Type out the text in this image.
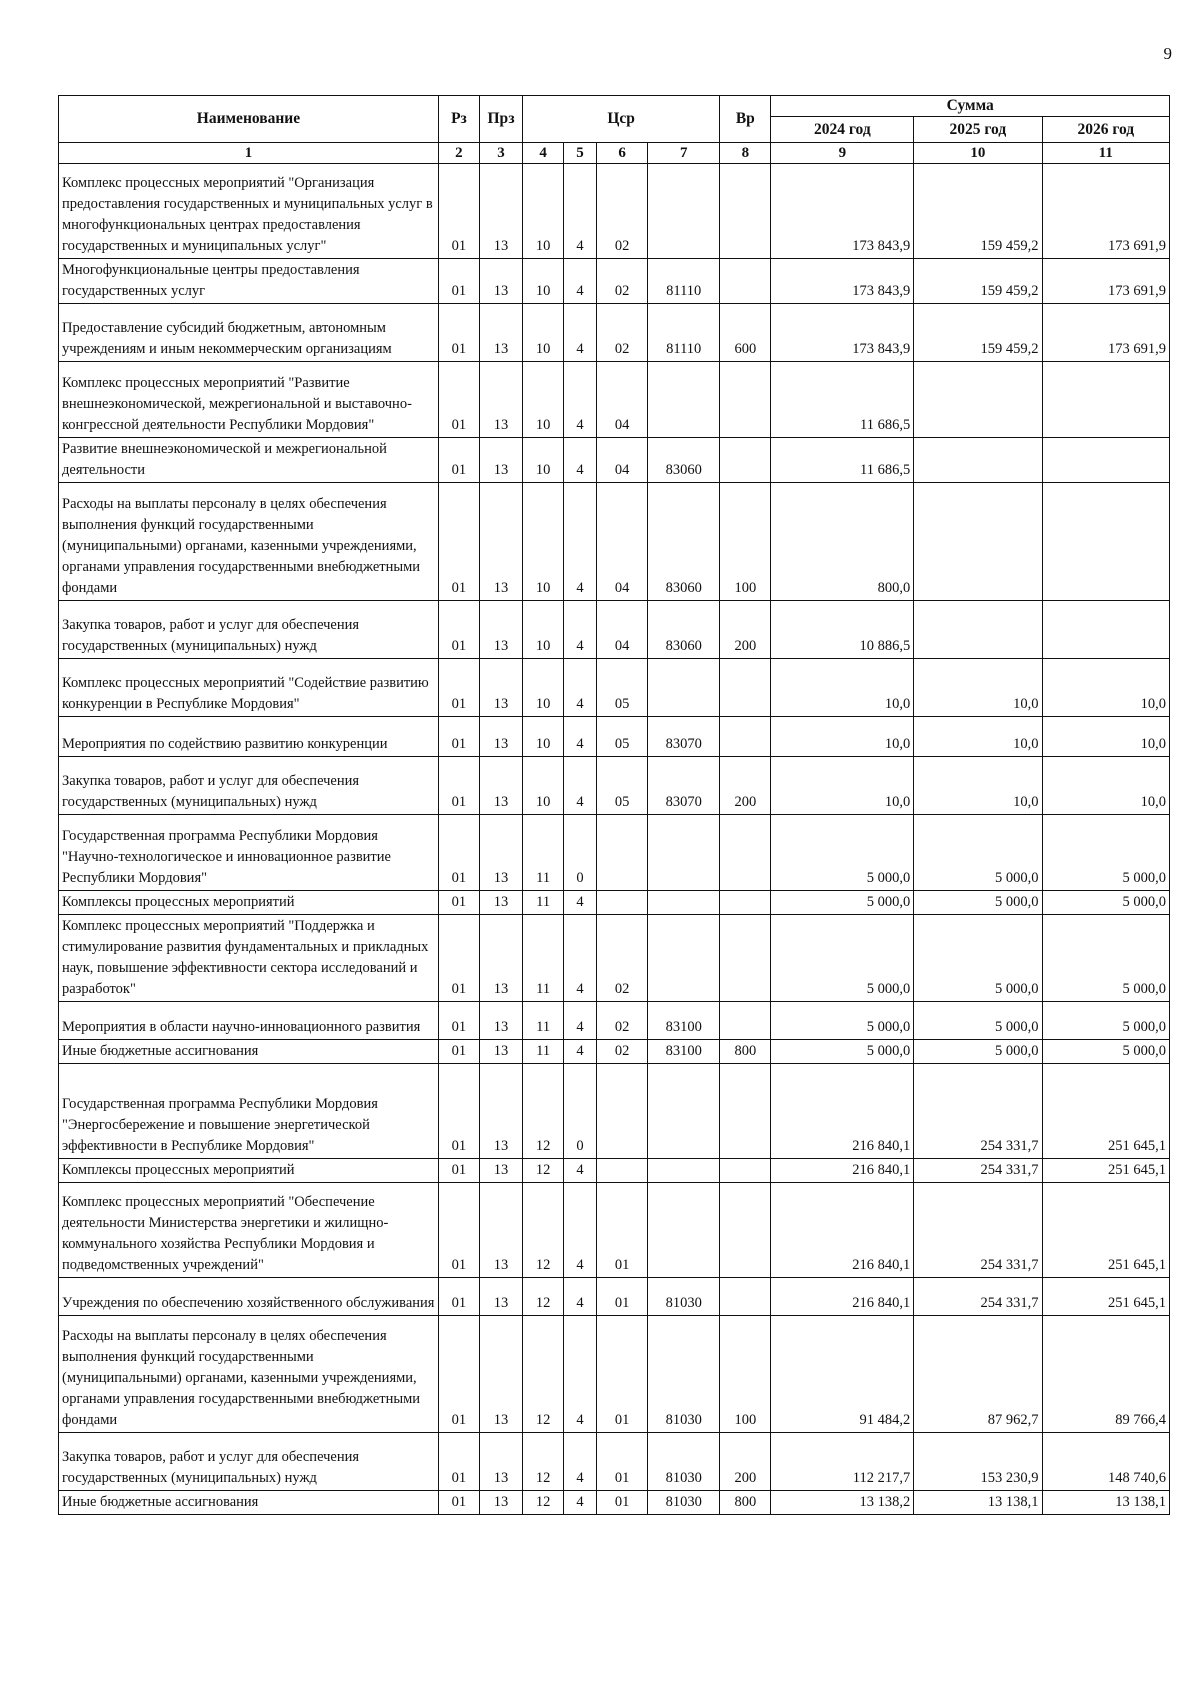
9
Наименование	Рз	Прз	Цср				Вр	Сумма		
								2024 год	2025 год	2026 год
1	2	3	4	5	6	7	8	9	10	11
Комплекс процессных мероприятий "Организация предоставления государственных и муниципальных услуг в многофункциональных центрах предоставления государственных и муниципальных услуг"	01	13	10	4	02			173 843,9	159 459,2	173 691,9
Многофункциональные центры предоставления государственных услуг	01	13	10	4	02	81110		173 843,9	159 459,2	173 691,9
Предоставление субсидий бюджетным, автономным учреждениям и иным некоммерческим организациям	01	13	10	4	02	81110	600	173 843,9	159 459,2	173 691,9
Комплекс процессных мероприятий "Развитие внешнеэкономической, межрегиональной и выставочно-конгрессной деятельности Республики Мордовия"	01	13	10	4	04			11 686,5		
Развитие внешнеэкономической и межрегиональной деятельности	01	13	10	4	04	83060		11 686,5		
Расходы на выплаты персоналу в целях обеспечения выполнения функций государственными (муниципальными) органами, казенными учреждениями, органами управления государственными внебюджетными фондами	01	13	10	4	04	83060	100	800,0		
Закупка товаров, работ и услуг для обеспечения государственных (муниципальных) нужд	01	13	10	4	04	83060	200	10 886,5		
Комплекс процессных мероприятий "Содействие развитию конкуренции в Республике Мордовия"	01	13	10	4	05			10,0	10,0	10,0
Мероприятия по содействию развитию конкуренции	01	13	10	4	05	83070		10,0	10,0	10,0
Закупка товаров, работ и услуг для обеспечения государственных (муниципальных) нужд	01	13	10	4	05	83070	200	10,0	10,0	10,0
Государственная программа Республики Мордовия "Научно-технологическое и инновационное развитие Республики Мордовия"	01	13	11	0				5 000,0	5 000,0	5 000,0
Комплексы процессных мероприятий	01	13	11	4				5 000,0	5 000,0	5 000,0
Комплекс процессных мероприятий "Поддержка и стимулирование развития фундаментальных и прикладных наук, повышение эффективности сектора исследований и разработок"	01	13	11	4	02			5 000,0	5 000,0	5 000,0
Мероприятия в области научно-инновационного развития	01	13	11	4	02	83100		5 000,0	5 000,0	5 000,0
Иные бюджетные ассигнования	01	13	11	4	02	83100	800	5 000,0	5 000,0	5 000,0
Государственная программа Республики Мордовия "Энергосбережение и повышение энергетической эффективности в Республике Мордовия"	01	13	12	0				216 840,1	254 331,7	251 645,1
Комплексы процессных мероприятий	01	13	12	4				216 840,1	254 331,7	251 645,1
Комплекс процессных мероприятий "Обеспечение деятельности Министерства энергетики и жилищно-коммунального хозяйства Республики Мордовия и подведомственных учреждений"	01	13	12	4	01			216 840,1	254 331,7	251 645,1
Учреждения по обеспечению хозяйственного обслуживания	01	13	12	4	01	81030		216 840,1	254 331,7	251 645,1
Расходы на выплаты персоналу в целях обеспечения выполнения функций государственными (муниципальными) органами, казенными учреждениями, органами управления государственными внебюджетными фондами	01	13	12	4	01	81030	100	91 484,2	87 962,7	89 766,4
Закупка товаров, работ и услуг для обеспечения государственных (муниципальных) нужд	01	13	12	4	01	81030	200	112 217,7	153 230,9	148 740,6
Иные бюджетные ассигнования	01	13	12	4	01	81030	800	13 138,2	13 138,1	13 138,1
